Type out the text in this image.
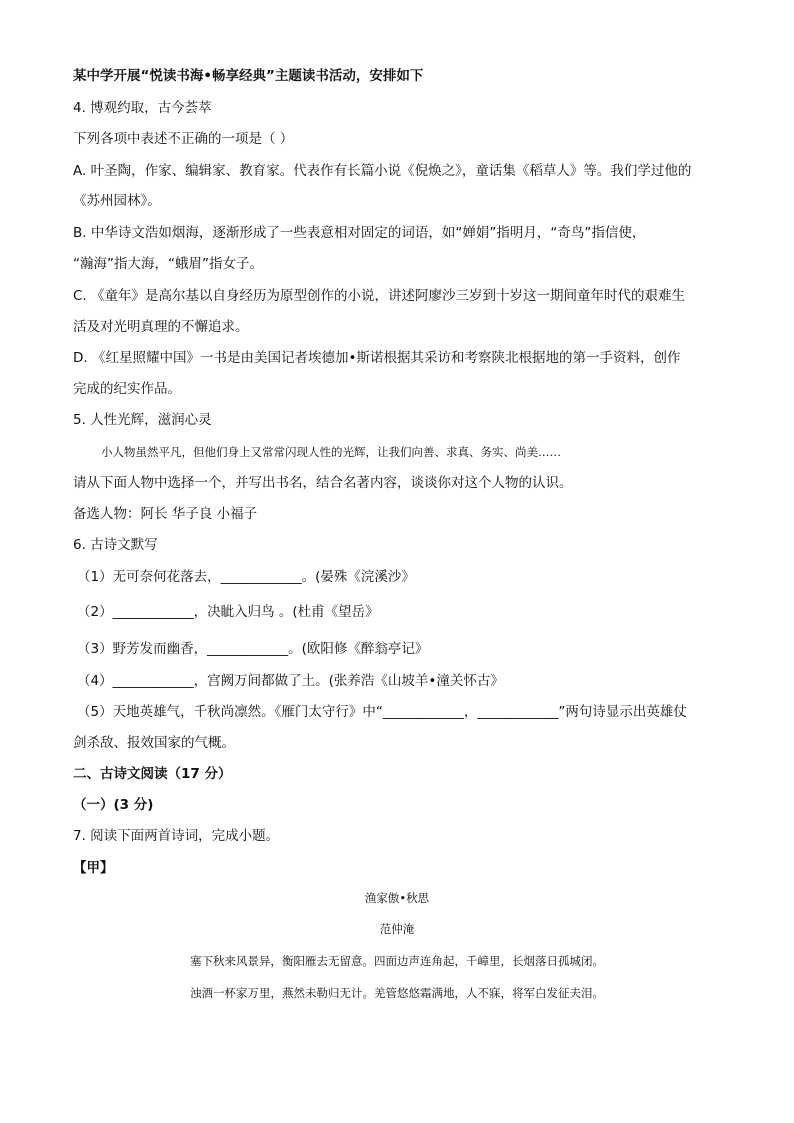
某中学开展“悦读书海•畅享经典”主题读书活动，安排如下
4. 博观约取，古今荟萃
下列各项中表述不正确的一项是（ ）
A. 叶圣陶，作家、编辑家、教育家。代表作有长篇小说《倪焕之》，童话集《稻草人》等。我们学过他的
《苏州园林》。
B. 中华诗文浩如烟海，逐渐形成了一些表意相对固定的词语，如“婵娟”指明月，“奇鸟”指信使，
“瀚海”指大海，“蛾眉”指女子。
C. 《童年》是高尔基以自身经历为原型创作的小说，讲述阿廖沙三岁到十岁这一期间童年时代的艰难生
活及对光明真理的不懈追求。
D. 《红星照耀中国》一书是由美国记者埃德加•斯诺根据其采访和考察陕北根据地的第一手资料，创作
完成的纪实作品。
5. 人性光辉，滋润心灵
小人物虽然平凡，但他们身上又常常闪现人性的光辉，让我们向善、求真、务实、尚美……
请从下面人物中选择一个，并写出书名，结合名著内容，谈谈你对这个人物的认识。
备选人物：阿长 华子良 小福子
6. 古诗文默写
（1）无可奈何花落去，____________。(晏殊《浣溪沙》
（2）____________，决眦入归鸟 。(杜甫《望岳》
（3）野芳发而幽香，____________。(欧阳修《醉翁亭记》
（4）____________，宫阙万间都做了土。(张养浩《山坡羊•潼关怀古》
（5）天地英雄气，千秋尚凛然。《雁门太守行》中“____________，____________”两句诗显示出英雄仗
剑杀敌、报效国家的气概。
二、古诗文阅读（17 分）
（一）(3 分)
7. 阅读下面两首诗词，完成小题。
【甲】
渔家傲•秋思
范仲淹
塞下秋来风景异，衡阳雁去无留意。四面边声连角起，千嶂里，长烟落日孤城闭。
浊酒一杯家万里，燕然未勒归无计。羌管悠悠霜满地，人不寐，将军白发征夫泪。
